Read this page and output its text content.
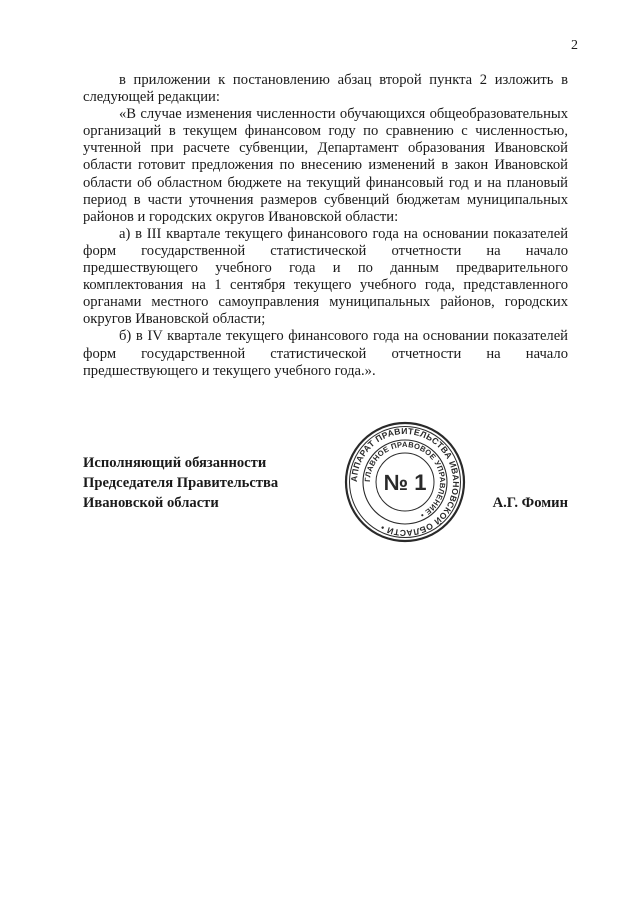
2

в приложении к постановлению абзац второй пункта 2 изложить в следующей редакции:

«В случае изменения численности обучающихся общеобразовательных организаций в текущем финансовом году по сравнению с численностью, учтенной при расчете субвенции, Департамент образования Ивановской области готовит предложения по внесению изменений в закон Ивановской области об областном бюджете на текущий финансовый год и на плановый период в части уточнения размеров субвенций бюджетам муниципальных районов и городских округов Ивановской области:

а) в III квартале текущего финансового года на основании показателей форм государственной статистической отчетности на начало предшествующего учебного года и по данным предварительного комплектования на 1 сентября текущего учебного года, представленного органами местного самоуправления муниципальных районов, городских округов Ивановской области;

б) в IV квартале текущего финансового года на основании показателей форм государственной статистической отчетности на начало предшествующего и текущего учебного года.».

Исполняющий обязанности
Председателя Правительства
Ивановской области
АППАРАТ ПРАВИТЕЛЬСТВА ИВАНОВСКОЙ ОБЛАСТИ •
ГЛАВНОЕ ПРАВОВОЕ УПРАВЛЕНИЕ •
№ 1
А.Г. Фомин
